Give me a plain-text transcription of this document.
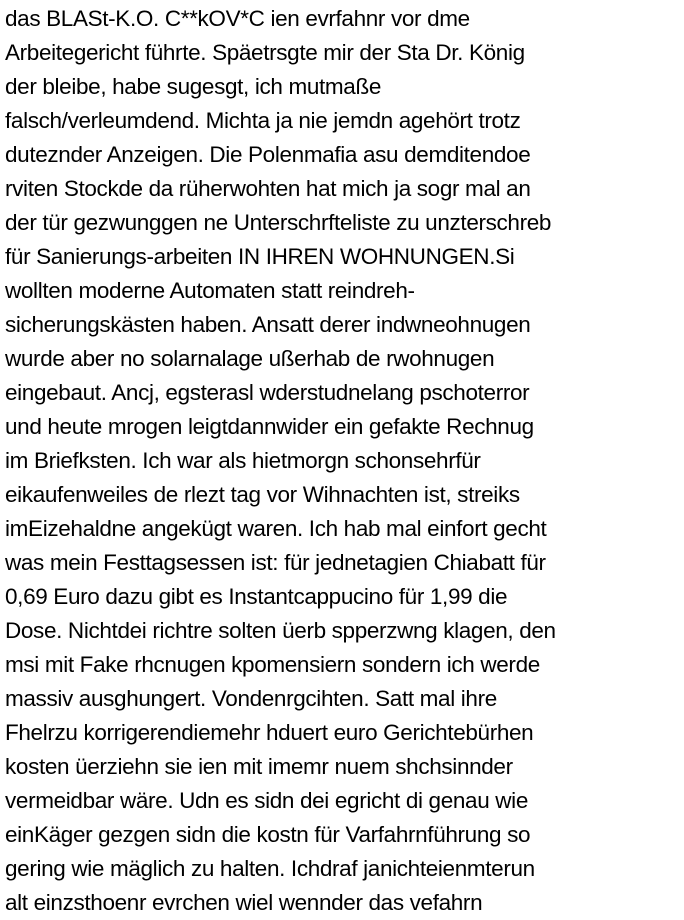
das BLASt-K.O. C**kOV*C ien evrfahnr vor dme
Arbeitegericht führte. Späetrsgte mir der Sta Dr. König
der bleibe, habe sugesgt, ich mutmaße
falsch/verleumdend. Michta ja nie jemdn agehört trotz
duteznder Anzeigen. Die Polenmafia asu demditendoe
rviten Stockde da rüherwohten hat mich ja sogr mal an
der tür gezwunggen ne Unterschrfteliste zu unzterschreb
für Sanierungs-arbeiten IN IHREN WOHNUNGEN.Si
wollten moderne Automaten statt reindreh-
sicherungskästen haben. Ansatt derer indwneohnugen
wurde aber no solarnalage ußerhab de rwohnugen
eingebaut. Ancj, egsterasl wderstudnelang pschoterror
und heute mrogen leigtdannwider ein gefakte Rechnug
im Briefksten. Ich war als hietmorgn schonsehrfür
eikaufenweiles de rlezt tag vor Wihnachten ist, streiks
imEizehaldne angekügt waren. Ich hab mal einfort gecht
was mein Festtagsessen ist: für jednetagien Chiabatt für
0,69 Euro dazu gibt es Instantcappucino für 1,99 die
Dose. Nichtdei richtre solten üerb spperzwng klagen, den
msi mit Fake rhcnugen kpomensiern sondern ich werde
massiv ausghungert. Vondenrgcihten. Satt mal ihre
Fhelrzu korrigerendiemehr hduert euro Gerichtebürhen
kosten üerziehn sie ien mit imemr nuem shchsinnder
vermeidbar wäre. Udn es sidn dei egricht di genau wie
einKäger gezgen sidn die kostn für Varfahrnführung so
gering wie mäglich zu halten. Ichdraf janichteienmterun
alt einzsthoenr evrchen wiel wennder das vefahrn
